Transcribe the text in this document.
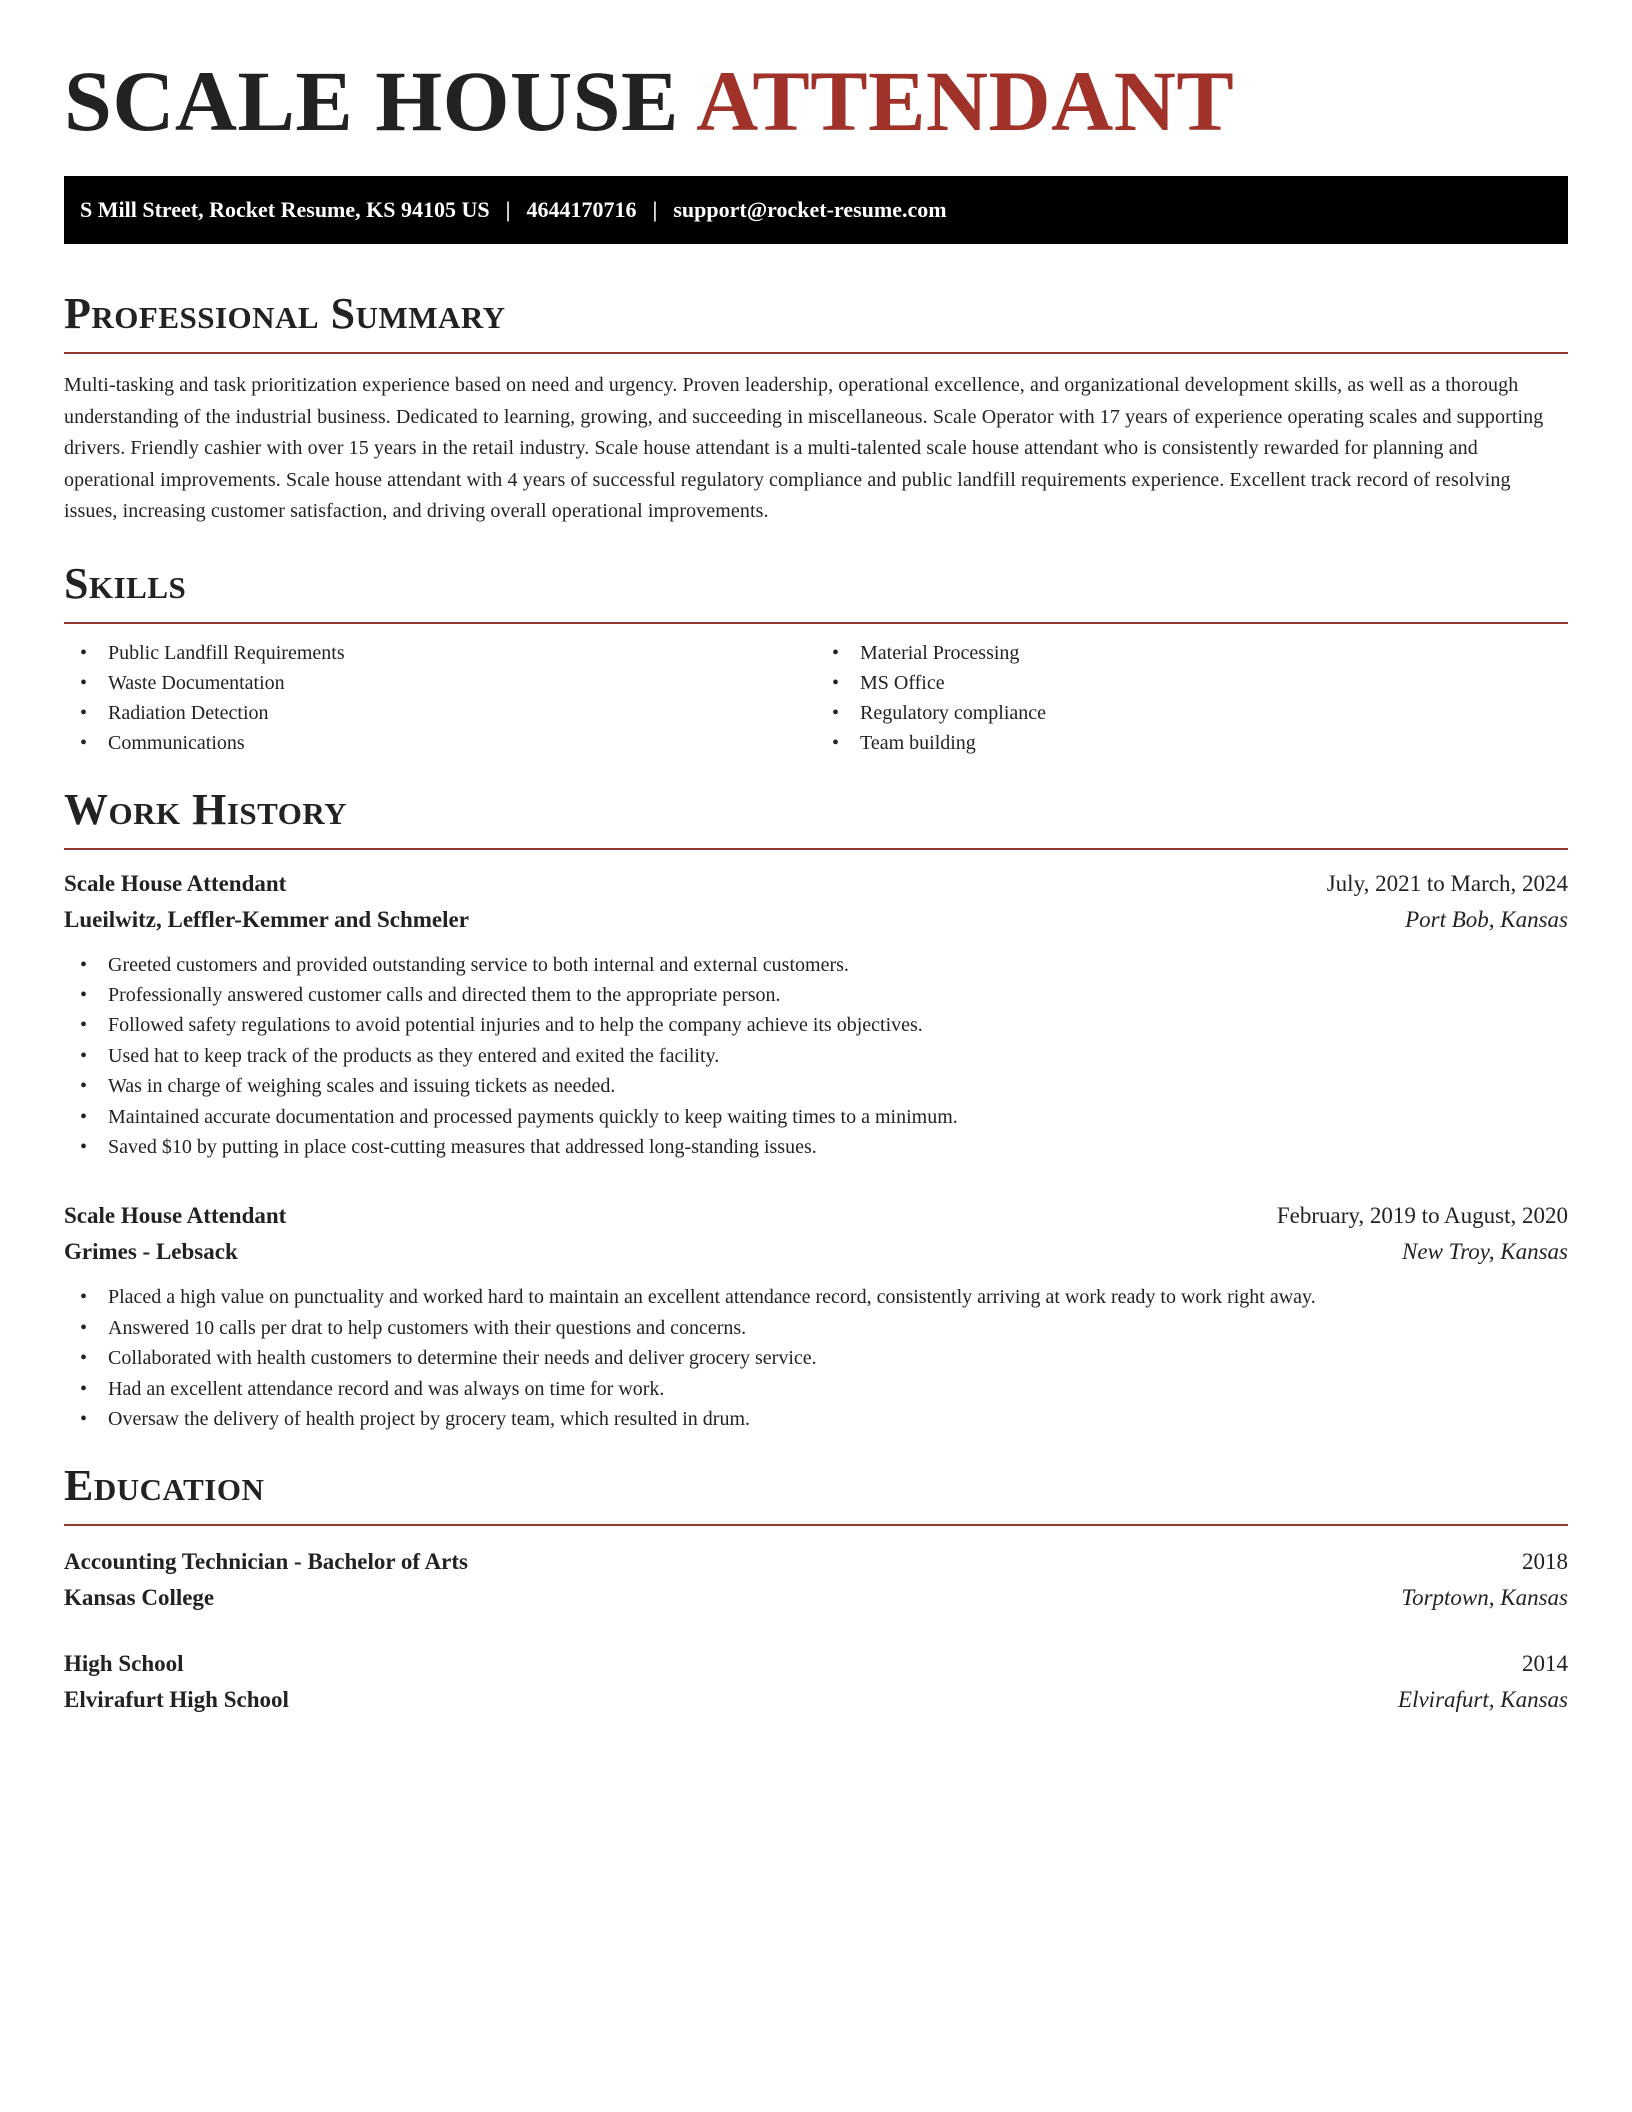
SCALE HOUSE ATTENDANT
S Mill Street, Rocket Resume, KS 94105 US | 4644170716 | support@rocket-resume.com
Professional Summary

Multi-tasking and task prioritization experience based on need and urgency. Proven leadership, operational excellence, and organizational development skills, as well as a thorough understanding of the industrial business. Dedicated to learning, growing, and succeeding in miscellaneous. Scale Operator with 17 years of experience operating scales and supporting drivers. Friendly cashier with over 15 years in the retail industry. Scale house attendant is a multi-talented scale house attendant who is consistently rewarded for planning and operational improvements. Scale house attendant with 4 years of successful regulatory compliance and public landfill requirements experience. Excellent track record of resolving issues, increasing customer satisfaction, and driving overall operational improvements.

Skills
• Public Landfill Requirements
• Waste Documentation
• Radiation Detection
• Communications
• Material Processing
• MS Office
• Regulatory compliance
• Team building
Work History
Scale House Attendant	July, 2021 to March, 2024
Lueilwitz, Leffler-Kemmer and Schmeler	Port Bob, Kansas
• Greeted customers and provided outstanding service to both internal and external customers.
• Professionally answered customer calls and directed them to the appropriate person.
• Followed safety regulations to avoid potential injuries and to help the company achieve its objectives.
• Used hat to keep track of the products as they entered and exited the facility.
• Was in charge of weighing scales and issuing tickets as needed.
• Maintained accurate documentation and processed payments quickly to keep waiting times to a minimum.
• Saved $10 by putting in place cost-cutting measures that addressed long-standing issues.
Scale House Attendant	February, 2019 to August, 2020
Grimes - Lebsack	New Troy, Kansas
• Placed a high value on punctuality and worked hard to maintain an excellent attendance record, consistently arriving at work ready to work right away.
• Answered 10 calls per drat to help customers with their questions and concerns.
• Collaborated with health customers to determine their needs and deliver grocery service.
• Had an excellent attendance record and was always on time for work.
• Oversaw the delivery of health project by grocery team, which resulted in drum.
Education
Accounting Technician - Bachelor of Arts	2018
Kansas College	Torptown, Kansas
High School	2014
Elvirafurt High School	Elvirafurt, Kansas
